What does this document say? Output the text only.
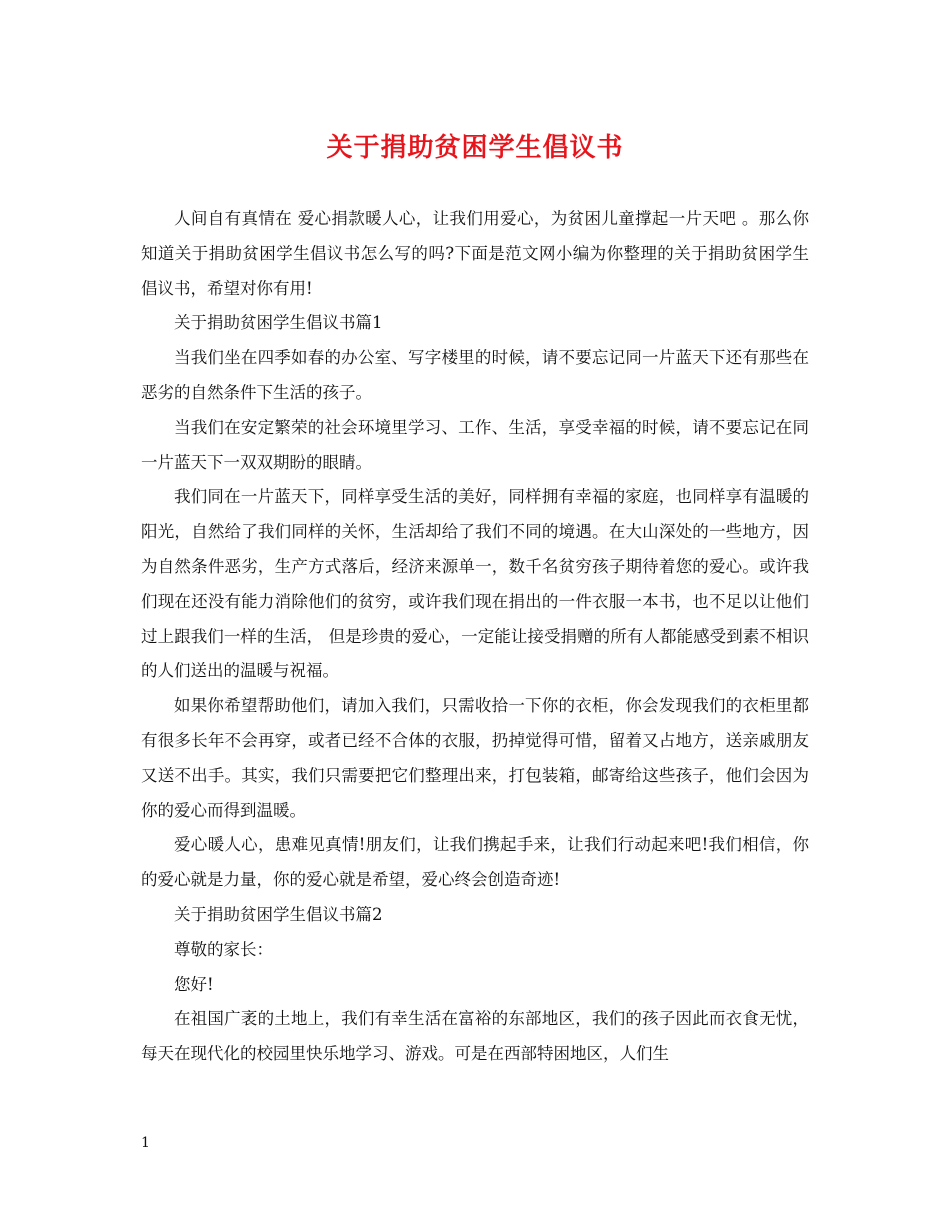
关于捐助贫困学生倡议书

人间自有真情在 爱心捐款暖人心，让我们用爱心，为贫困儿童撑起一片天吧 。那么你知道关于捐助贫困学生倡议书怎么写的吗?下面是范文网小编为你整理的关于捐助贫困学生倡议书，希望对你有用!

关于捐助贫困学生倡议书篇1

当我们坐在四季如春的办公室、写字楼里的时候，请不要忘记同一片蓝天下还有那些在恶劣的自然条件下生活的孩子。

当我们在安定繁荣的社会环境里学习、工作、生活，享受幸福的时候，请不要忘记在同一片蓝天下一双双期盼的眼睛。

我们同在一片蓝天下，同样享受生活的美好，同样拥有幸福的家庭，也同样享有温暖的阳光，自然给了我们同样的关怀，生活却给了我们不同的境遇。在大山深处的一些地方，因为自然条件恶劣，生产方式落后，经济来源单一，数千名贫穷孩子期待着您的爱心。或许我们现在还没有能力消除他们的贫穷，或许我们现在捐出的一件衣服一本书，也不足以让他们过上跟我们一样的生活， 但是珍贵的爱心，一定能让接受捐赠的所有人都能感受到素不相识的人们送出的温暖与祝福。

如果你希望帮助他们，请加入我们，只需收拾一下你的衣柜，你会发现我们的衣柜里都有很多长年不会再穿，或者已经不合体的衣服，扔掉觉得可惜，留着又占地方，送亲戚朋友又送不出手。其实，我们只需要把它们整理出来，打包装箱，邮寄给这些孩子，他们会因为你的爱心而得到温暖。

爱心暖人心，患难见真情!朋友们，让我们携起手来，让我们行动起来吧!我们相信，你的爱心就是力量，你的爱心就是希望，爱心终会创造奇迹!

关于捐助贫困学生倡议书篇2

尊敬的家长：

您好!

在祖国广袤的土地上，我们有幸生活在富裕的东部地区，我们的孩子因此而衣食无忧，每天在现代化的校园里快乐地学习、游戏。可是在西部特困地区，人们生

1
